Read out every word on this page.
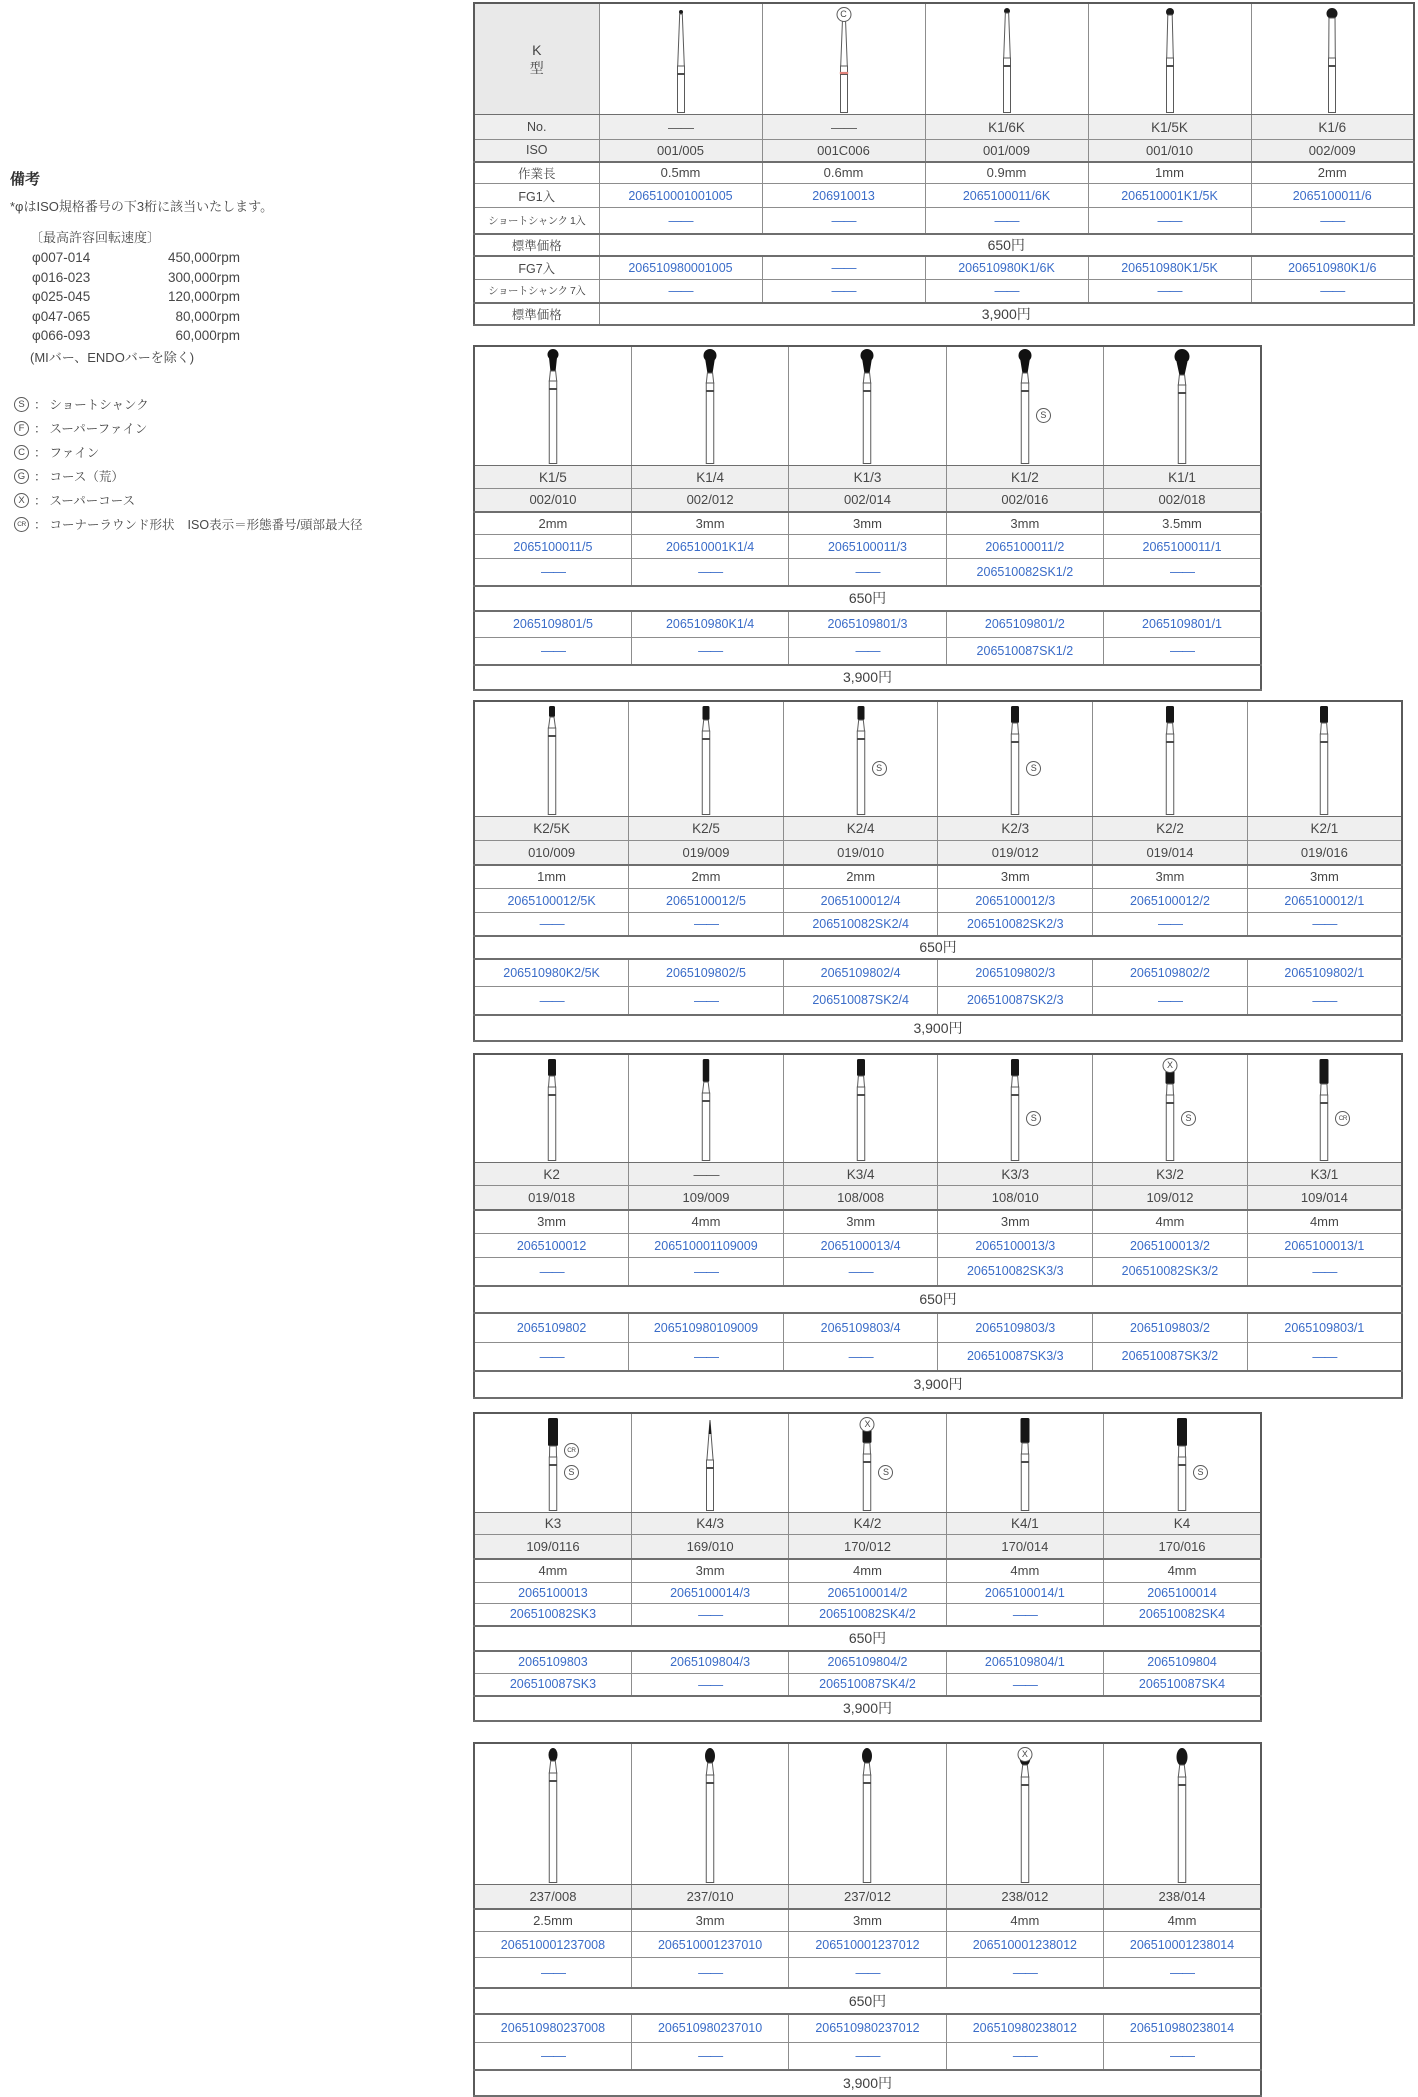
備考
*φはISO規格番号の下3桁に該当いたします。
〔最高許容回転速度〕
φ007-014	450,000rpm
φ016-023	300,000rpm
φ025-045	120,000rpm
φ047-065	80,000rpm
φ066-093	60,000rpm
(MIバー、ENDOバーを除く)
S ： ショートシャンク
F ： スーパーファイン
C ： ファイン
G ： コース（荒）
X ： スーパーコース
CR ： コーナーラウンド形状 ISO表示＝形態番号/頭部最大径
K
型		C

No.	——	——	K1/6K	K1/5K	K1/6
ISO	001/005	001C006	001/009	001/010	002/009
作業長	0.5mm	0.6mm	0.9mm	1mm	2mm
FG1入	206510001001005	206910013	2065100011/6K	206510001K1/5K	2065100011/6
ショートシャンク 1入	——	——	——	——	——
標準価格	650円				
FG7入	206510980001005	——	206510980K1/6K	206510980K1/5K	206510980K1/6
ショートシャンク 7入	——	——	——	——	——
標準価格	3,900円				

S

K1/5	K1/4	K1/3	K1/2	K1/1
002/010	002/012	002/014	002/016	002/018
2mm	3mm	3mm	3mm	3.5mm
2065100011/5	206510001K1/4	2065100011/3	2065100011/2	2065100011/1
——	——	——	206510082SK1/2	——
650円				
2065109801/5	206510980K1/4	2065109801/3	2065109801/2	2065109801/1
——	——	——	206510087SK1/2	——
3,900円				

S	S

K2/5K	K2/5	K2/4	K2/3	K2/2	K2/1
010/009	019/009	019/010	019/012	019/014	019/016
1mm	2mm	2mm	3mm	3mm	3mm
2065100012/5K	2065100012/5	2065100012/4	2065100012/3	2065100012/2	2065100012/1
——	——	206510082SK2/4	206510082SK2/3	——	——
650円					
206510980K2/5K	2065109802/5	2065109802/4	2065109802/3	2065109802/2	2065109802/1
——	——	206510087SK2/4	206510087SK2/3	——	——
3,900円					

S	X
S	CR

K2	——	K3/4	K3/3	K3/2	K3/1
019/018	109/009	108/008	108/010	109/012	109/014
3mm	4mm	3mm	3mm	4mm	4mm
2065100012	206510001109009	2065100013/4	2065100013/3	2065100013/2	2065100013/1
——	——	——	206510082SK3/3	206510082SK3/2	——
650円					
2065109802	206510980109009	2065109803/4	2065109803/3	2065109803/2	2065109803/1
——	——	——	206510087SK3/3	206510087SK3/2	——
3,900円					
CR
S		X
S		S

K3	K4/3	K4/2	K4/1	K4
109/0116	169/010	170/012	170/014	170/016
4mm	3mm	4mm	4mm	4mm
2065100013	2065100014/3	2065100014/2	2065100014/1	2065100014
206510082SK3	——	206510082SK4/2	——	206510082SK4
650円				
2065109803	2065109804/3	2065109804/2	2065109804/1	2065109804
206510087SK3	——	206510087SK4/2	——	206510087SK4
3,900円				

X

237/008	237/010	237/012	238/012	238/014
2.5mm	3mm	3mm	4mm	4mm
206510001237008	206510001237010	206510001237012	206510001238012	206510001238014
——	——	——	——	——
650円				
206510980237008	206510980237010	206510980237012	206510980238012	206510980238014
——	——	——	——	——
3,900円				
